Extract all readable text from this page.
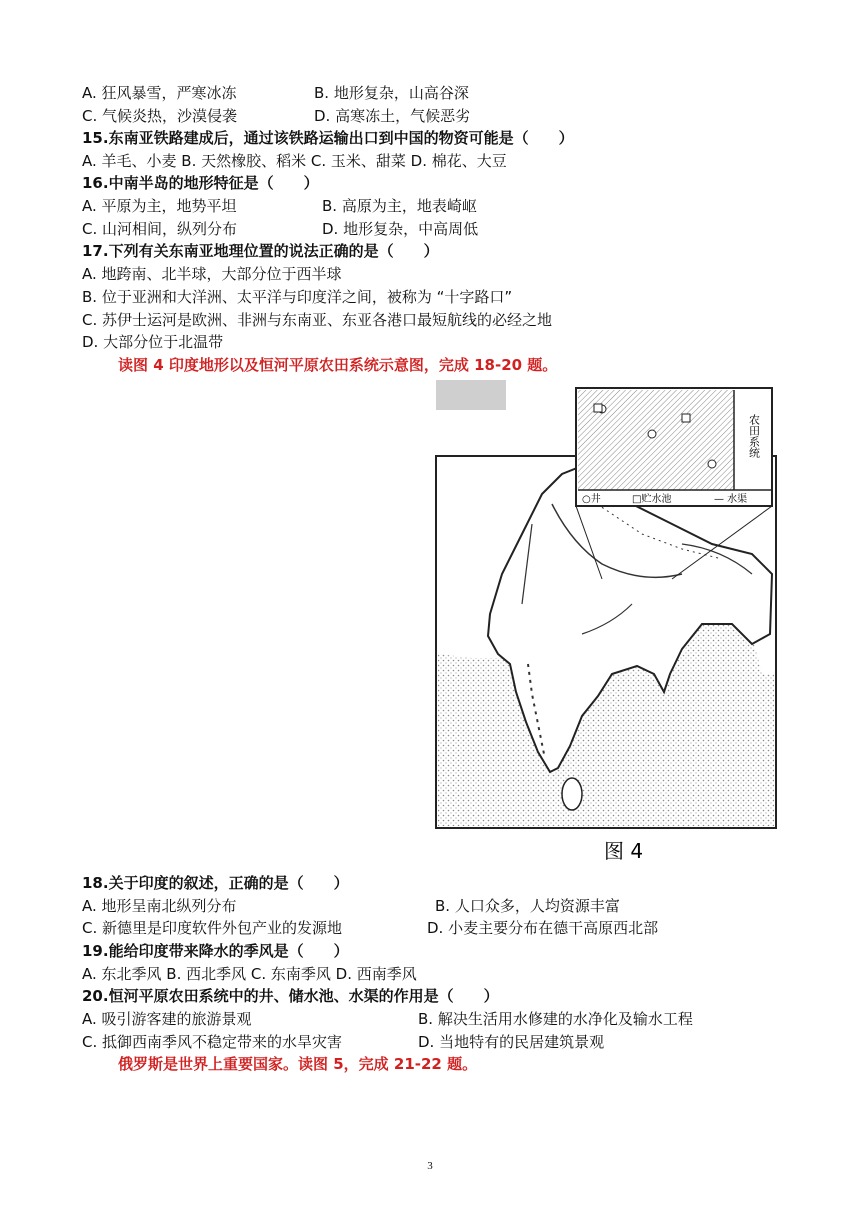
A. 狂风暴雪，严寒冰冻	B. 地形复杂，山高谷深
C. 气候炎热，沙漠侵袭	D. 高寒冻土，气候恶劣
15.东南亚铁路建成后，通过该铁路运输出口到中国的物资可能是（　　）
A. 羊毛、小麦 B. 天然橡胶、稻米 C. 玉米、甜菜 D. 棉花、大豆
16.中南半岛的地形特征是（　　）
A. 平原为主，地势平坦	B. 高原为主，地表崎岖
C. 山河相间，纵列分布	D. 地形复杂，中高周低
17.下列有关东南亚地理位置的说法正确的是（　　）
A. 地跨南、北半球，大部分位于西半球
B. 位于亚洲和大洋洲、太平洋与印度洋之间，被称为 “十字路口”
C. 苏伊士运河是欧洲、非洲与东南亚、东亚各港口最短航线的必经之地
D. 大部分位于北温带
读图 4 印度地形以及恒河平原农田系统示意图，完成 18-20 题。
农田系统
○井	□贮水池	— 水渠
图 4
18.关于印度的叙述，正确的是（　　）
A. 地形呈南北纵列分布	B. 人口众多，人均资源丰富
C. 新德里是印度软件外包产业的发源地	D. 小麦主要分布在德干高原西北部
19.能给印度带来降水的季风是（　　）
A. 东北季风 B. 西北季风 C. 东南季风 D. 西南季风
20.恒河平原农田系统中的井、储水池、水渠的作用是（　　）
A. 吸引游客建的旅游景观	B. 解决生活用水修建的水净化及输水工程
C. 抵御西南季风不稳定带来的水旱灾害	D. 当地特有的民居建筑景观
俄罗斯是世界上重要国家。读图 5，完成 21-22 题。
3
